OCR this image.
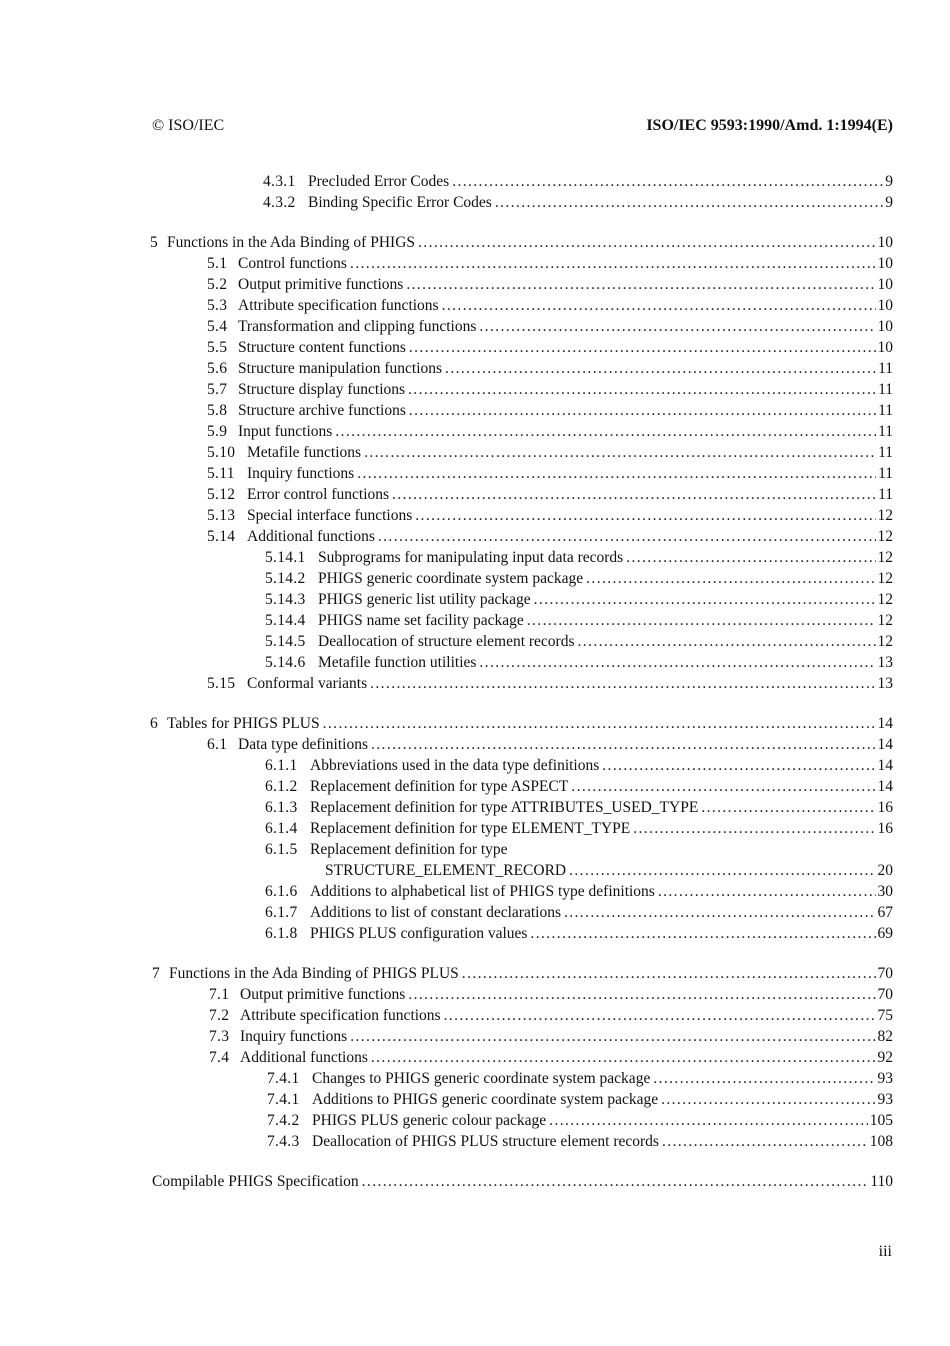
© ISO/IEC	ISO/IEC 9593:1990/Amd. 1:1994(E)
4.3.1 Precluded Error Codes .....	9
4.3.2 Binding Specific Error Codes .....	9
5 Functions in the Ada Binding of PHIGS .....	10
5.1 Control functions .....	10
5.2 Output primitive functions .....	10
5.3 Attribute specification functions .....	10
5.4 Transformation and clipping functions .....	10
5.5 Structure content functions .....	10
5.6 Structure manipulation functions .....	11
5.7 Structure display functions .....	11
5.8 Structure archive functions .....	11
5.9 Input functions .....	11
5.10 Metafile functions .....	11
5.11 Inquiry functions .....	11
5.12 Error control functions .....	11
5.13 Special interface functions .....	12
5.14 Additional functions .....	12
5.14.1 Subprograms for manipulating input data records .....	12
5.14.2 PHIGS generic coordinate system package .....	12
5.14.3 PHIGS generic list utility package .....	12
5.14.4 PHIGS name set facility package .....	12
5.14.5 Deallocation of structure element records .....	12
5.14.6 Metafile function utilities .....	13
5.15 Conformal variants .....	13
6 Tables for PHIGS PLUS .....	14
6.1 Data type definitions .....	14
6.1.1 Abbreviations used in the data type definitions .....	14
6.1.2 Replacement definition for type ASPECT .....	14
6.1.3 Replacement definition for type ATTRIBUTES_USED_TYPE .....	16
6.1.4 Replacement definition for type ELEMENT_TYPE .....	16
6.1.5 Replacement definition for type
STRUCTURE_ELEMENT_RECORD .....	20
6.1.6 Additions to alphabetical list of PHIGS type definitions .....	30
6.1.7 Additions to list of constant declarations .....	67
6.1.8 PHIGS PLUS configuration values .....	69
7 Functions in the Ada Binding of PHIGS PLUS .....	70
7.1 Output primitive functions .....	70
7.2 Attribute specification functions .....	75
7.3 Inquiry functions .....	82
7.4 Additional functions .....	92
7.4.1 Changes to PHIGS generic coordinate system package .....	93
7.4.1 Additions to PHIGS generic coordinate system package .....	93
7.4.2 PHIGS PLUS generic colour package .....	105
7.4.3 Deallocation of PHIGS PLUS structure element records .....	108
Compilable PHIGS Specification .....	110
iii
